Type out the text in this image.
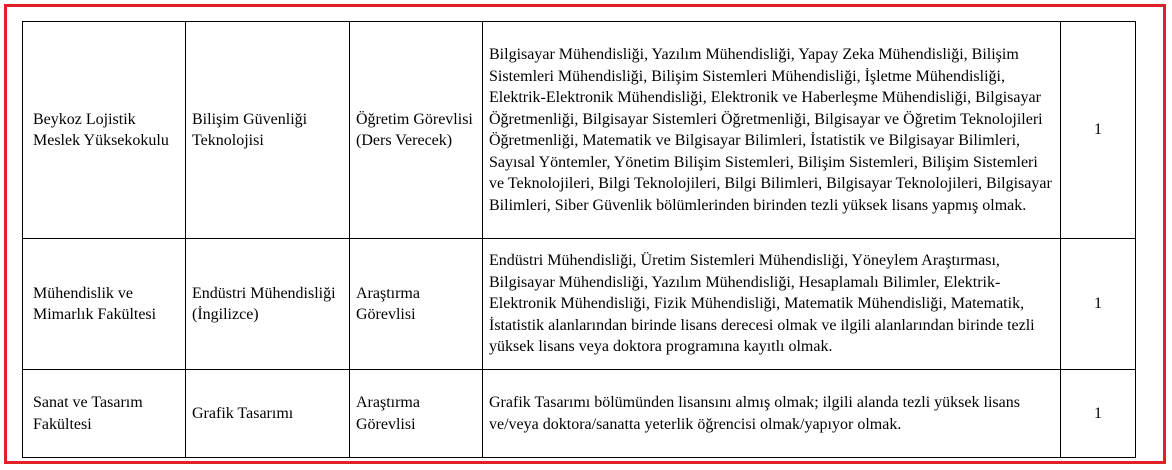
Beykoz Lojistik Meslek Yüksekokulu	Bilişim Güvenliği Teknolojisi	Öğretim Görevlisi (Ders Verecek)	Bilgisayar Mühendisliği, Yazılım Mühendisliği, Yapay Zeka Mühendisliği, Bilişim Sistemleri Mühendisliği, Bilişim Sistemleri Mühendisliği, İşletme Mühendisliği, Elektrik-Elektronik Mühendisliği, Elektronik ve Haberleşme Mühendisliği, Bilgisayar Öğretmenliği, Bilgisayar Sistemleri Öğretmenliği, Bilgisayar ve Öğretim Teknolojileri Öğretmenliği, Matematik ve Bilgisayar Bilimleri, İstatistik ve Bilgisayar Bilimleri, Sayısal Yöntemler, Yönetim Bilişim Sistemleri, Bilişim Sistemleri, Bilişim Sistemleri ve Teknolojileri, Bilgi Teknolojileri, Bilgi Bilimleri, Bilgisayar Teknolojileri, Bilgisayar Bilimleri, Siber Güvenlik bölümlerinden birinden tezli yüksek lisans yapmış olmak.	1
Mühendislik ve Mimarlık Fakültesi	Endüstri Mühendisliği (İngilizce)	Araştırma Görevlisi	Endüstri Mühendisliği, Üretim Sistemleri Mühendisliği, Yöneylem Araştırması, Bilgisayar Mühendisliği, Yazılım Mühendisliği, Hesaplamalı Bilimler, Elektrik-Elektronik Mühendisliği, Fizik Mühendisliği, Matematik Mühendisliği, Matematik, İstatistik alanlarından birinde lisans derecesi olmak ve ilgili alanlarından birinde tezli yüksek lisans veya doktora programına kayıtlı olmak.	1
Sanat ve Tasarım Fakültesi	Grafik Tasarımı	Araştırma Görevlisi	Grafik Tasarımı bölümünden lisansını almış olmak; ilgili alanda tezli yüksek lisans ve/veya doktora/sanatta yeterlik öğrencisi olmak/yapıyor olmak.	1
